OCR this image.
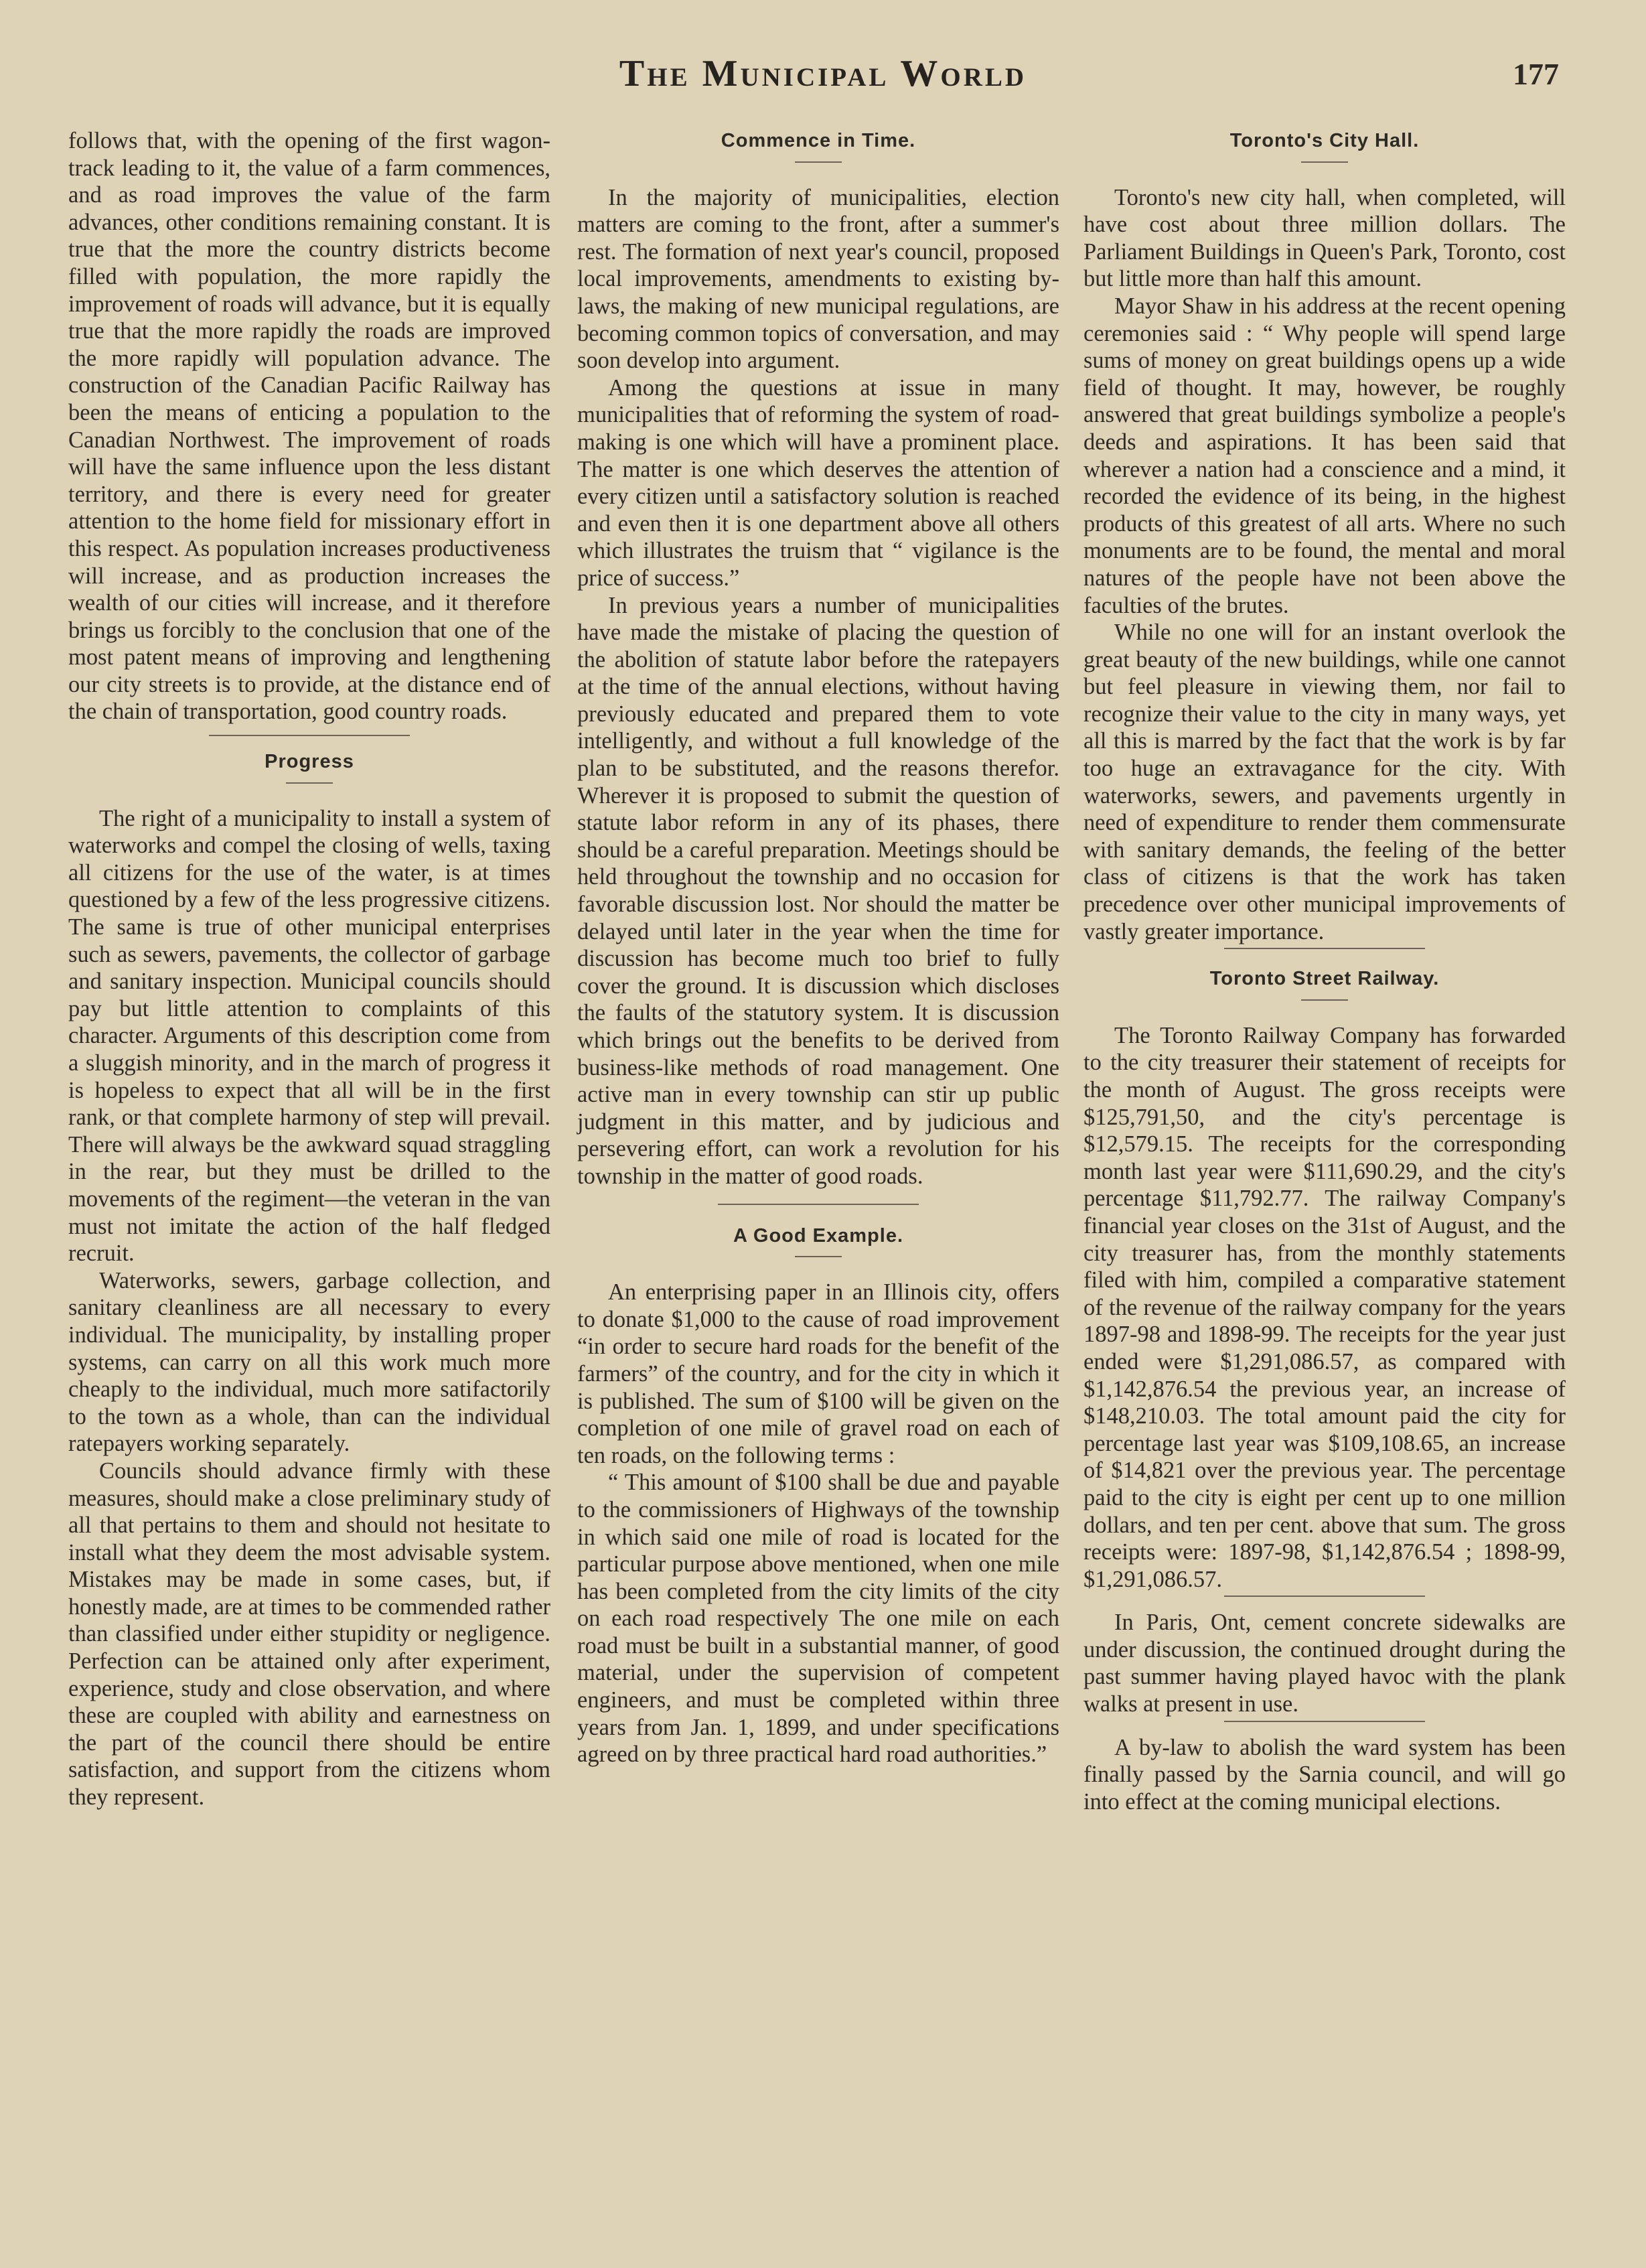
The Municipal World	177

follows that, with the opening of the first wagon-track leading to it, the value of a farm commences, and as road improves the value of the farm advances, other conditions remaining constant. It is true that the more the country districts become filled with population, the more rapidly the improvement of roads will advance, but it is equally true that the more rapidly the roads are improved the more rapidly will population advance. The construction of the Canadian Pacific Railway has been the means of enticing a population to the Canadian Northwest. The improvement of roads will have the same influence upon the less distant territory, and there is every need for greater attention to the home field for missionary effort in this respect. As population increases productiveness will increase, and as production increases the wealth of our cities will increase, and it therefore brings us forcibly to the conclusion that one of the most patent means of improving and lengthening our city streets is to provide, at the distance end of the chain of transportation, good country roads.

Progress

The right of a municipality to install a system of waterworks and compel the closing of wells, taxing all citizens for the use of the water, is at times questioned by a few of the less progressive citizens. The same is true of other municipal enterprises such as sewers, pavements, the collector of garbage and sanitary inspection. Municipal councils should pay but little attention to complaints of this character. Arguments of this description come from a sluggish minority, and in the march of progress it is hopeless to expect that all will be in the first rank, or that complete harmony of step will prevail. There will always be the awkward squad straggling in the rear, but they must be drilled to the movements of the regiment—the veteran in the van must not imitate the action of the half fledged recruit.

Waterworks, sewers, garbage collection, and sanitary cleanliness are all necessary to every individual. The municipality, by installing proper systems, can carry on all this work much more cheaply to the individual, much more satifactorily to the town as a whole, than can the individual ratepayers working separately.

Councils should advance firmly with these measures, should make a close preliminary study of all that pertains to them and should not hesitate to install what they deem the most advisable system. Mistakes may be made in some cases, but, if honestly made, are at times to be commended rather than classified under either stupidity or negligence. Perfection can be attained only after experiment, experience, study and close observation, and where these are coupled with ability and earnestness on the part of the council there should be entire satisfaction, and support from the citizens whom they represent.

Commence in Time.

In the majority of municipalities, election matters are coming to the front, after a summer's rest. The formation of next year's council, proposed local improvements, amendments to existing by-laws, the making of new municipal regulations, are becoming common topics of conversation, and may soon develop into argument.

Among the questions at issue in many municipalities that of reforming the system of road-making is one which will have a prominent place. The matter is one which deserves the attention of every citizen until a satisfactory solution is reached and even then it is one department above all others which illustrates the truism that “ vigilance is the price of success.”

In previous years a number of municipalities have made the mistake of placing the question of the abolition of statute labor before the ratepayers at the time of the annual elections, without having previously educated and prepared them to vote intelligently, and without a full knowledge of the plan to be substituted, and the reasons therefor. Wherever it is proposed to submit the question of statute labor reform in any of its phases, there should be a careful preparation. Meetings should be held throughout the township and no occasion for favorable discussion lost. Nor should the matter be delayed until later in the year when the time for discussion has become much too brief to fully cover the ground. It is discussion which discloses the faults of the statutory system. It is discussion which brings out the benefits to be derived from business-like methods of road management. One active man in every township can stir up public judgment in this matter, and by judicious and persevering effort, can work a revolution for his township in the matter of good roads.

A Good Example.

An enterprising paper in an Illinois city, offers to donate $1,000 to the cause of road improvement “in order to secure hard roads for the benefit of the farmers” of the country, and for the city in which it is published. The sum of $100 will be given on the completion of one mile of gravel road on each of ten roads, on the following terms :

“ This amount of $100 shall be due and payable to the commissioners of Highways of the township in which said one mile of road is located for the particular purpose above mentioned, when one mile has been completed from the city limits of the city on each road respectively The one mile on each road must be built in a substantial manner, of good material, under the supervision of competent engineers, and must be completed within three years from Jan. 1, 1899, and under specifications agreed on by three practical hard road authorities.”

Toronto's City Hall.

Toronto's new city hall, when completed, will have cost about three million dollars. The Parliament Buildings in Queen's Park, Toronto, cost but little more than half this amount.

Mayor Shaw in his address at the recent opening ceremonies said : “ Why people will spend large sums of money on great buildings opens up a wide field of thought. It may, however, be roughly answered that great buildings symbolize a people's deeds and aspirations. It has been said that wherever a nation had a conscience and a mind, it recorded the evidence of its being, in the highest products of this greatest of all arts. Where no such monuments are to be found, the mental and moral natures of the people have not been above the faculties of the brutes.

While no one will for an instant overlook the great beauty of the new buildings, while one cannot but feel pleasure in viewing them, nor fail to recognize their value to the city in many ways, yet all this is marred by the fact that the work is by far too huge an extravagance for the city. With waterworks, sewers, and pavements urgently in need of expenditure to render them commensurate with sanitary demands, the feeling of the better class of citizens is that the work has taken precedence over other municipal improvements of vastly greater importance.

Toronto Street Railway.

The Toronto Railway Company has forwarded to the city treasurer their statement of receipts for the month of August. The gross receipts were $125,791,50, and the city's percentage is $12,579.15. The receipts for the corresponding month last year were $111,690.29, and the city's percentage $11,792.77. The railway Company's financial year closes on the 31st of August, and the city treasurer has, from the monthly statements filed with him, compiled a comparative statement of the revenue of the railway company for the years 1897-98 and 1898-99. The receipts for the year just ended were $1,291,086.57, as compared with $1,142,876.54 the previous year, an increase of $148,210.03. The total amount paid the city for percentage last year was $109,108.65, an increase of $14,821 over the previous year. The percentage paid to the city is eight per cent up to one million dollars, and ten per cent. above that sum. The gross receipts were: 1897-98, $1,142,876.54 ; 1898-99, $1,291,086.57.

In Paris, Ont, cement concrete sidewalks are under discussion, the continued drought during the past summer having played havoc with the plank walks at present in use.

A by-law to abolish the ward system has been finally passed by the Sarnia council, and will go into effect at the coming municipal elections.
